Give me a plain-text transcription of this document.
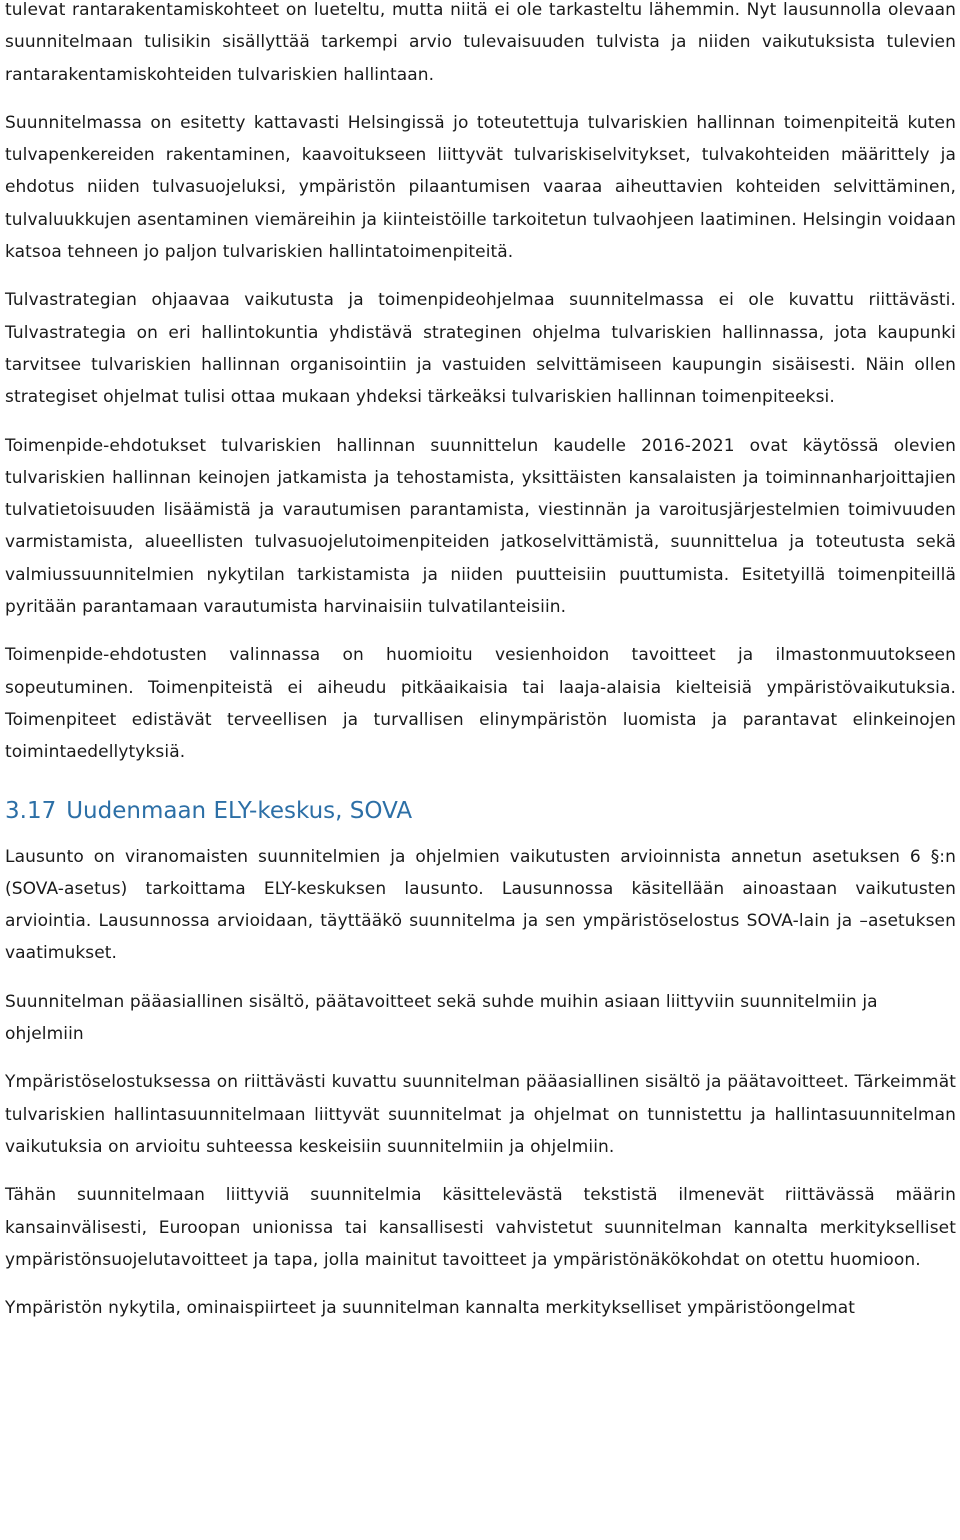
tulevat rantarakentamiskohteet on lueteltu, mutta niitä ei ole tarkasteltu lähemmin. Nyt lausunnolla olevaan suunnitelmaan tulisikin sisällyttää tarkempi arvio tulevaisuuden tulvista ja niiden vaikutuksista tulevien rantarakentamiskohteiden tulvariskien hallintaan.

Suunnitelmassa on esitetty kattavasti Helsingissä jo toteutettuja tulvariskien hallinnan toimenpiteitä kuten tulvapenkereiden rakentaminen, kaavoitukseen liittyvät tulvariskiselvitykset, tulvakohteiden määrittely ja ehdotus niiden tulvasuojeluksi, ympäristön pilaantumisen vaaraa aiheuttavien kohteiden selvittäminen, tulvaluukkujen asentaminen viemäreihin ja kiinteistöille tarkoitetun tulvaohjeen laatiminen. Helsingin voidaan katsoa tehneen jo paljon tulvariskien hallintatoimenpiteitä.

Tulvastrategian ohjaavaa vaikutusta ja toimenpideohjelmaa suunnitelmassa ei ole kuvattu riittävästi. Tulvastrategia on eri hallintokuntia yhdistävä strateginen ohjelma tulvariskien hallinnassa, jota kaupunki tarvitsee tulvariskien hallinnan organisointiin ja vastuiden selvittämiseen kaupungin sisäisesti. Näin ollen strategiset ohjelmat tulisi ottaa mukaan yhdeksi tärkeäksi tulvariskien hallinnan toimenpiteeksi.

Toimenpide-ehdotukset tulvariskien hallinnan suunnittelun kaudelle 2016-2021 ovat käytössä olevien tulvariskien hallinnan keinojen jatkamista ja tehostamista, yksittäisten kansalaisten ja toiminnanharjoittajien tulvatietoisuuden lisäämistä ja varautumisen parantamista, viestinnän ja varoitusjärjestelmien toimivuuden varmistamista, alueellisten tulvasuojelutoimenpiteiden jatkoselvittämistä, suunnittelua ja toteutusta sekä valmiussuunnitelmien nykytilan tarkistamista ja niiden puutteisiin puuttumista. Esitetyillä toimenpiteillä pyritään parantamaan varautumista harvinaisiin tulvatilanteisiin.

Toimenpide-ehdotusten valinnassa on huomioitu vesienhoidon tavoitteet ja ilmastonmuutokseen sopeutuminen. Toimenpiteistä ei aiheudu pitkäaikaisia tai laaja-alaisia kielteisiä ympäristövaikutuksia. Toimenpiteet edistävät terveellisen ja turvallisen elinympäristön luomista ja parantavat elinkeinojen toimintaedellytyksiä.

3.17 Uudenmaan ELY-keskus, SOVA

Lausunto on viranomaisten suunnitelmien ja ohjelmien vaikutusten arvioinnista annetun asetuksen 6 §:n (SOVA-asetus) tarkoittama ELY-keskuksen lausunto. Lausunnossa käsitellään ainoastaan vaikutusten arviointia. Lausunnossa arvioidaan, täyttääkö suunnitelma ja sen ympäristöselostus SOVA-lain ja –asetuksen vaatimukset.

Suunnitelman pääasiallinen sisältö, päätavoitteet sekä suhde muihin asiaan liittyviin suunnitelmiin ja ohjelmiin

Ympäristöselostuksessa on riittävästi kuvattu suunnitelman pääasiallinen sisältö ja päätavoitteet. Tärkeimmät tulvariskien hallintasuunnitelmaan liittyvät suunnitelmat ja ohjelmat on tunnistettu ja hallintasuunnitelman vaikutuksia on arvioitu suhteessa keskeisiin suunnitelmiin ja ohjelmiin.

Tähän suunnitelmaan liittyviä suunnitelmia käsittelevästä tekstistä ilmenevät riittävässä määrin kansainvälisesti, Euroopan unionissa tai kansallisesti vahvistetut suunnitelman kannalta merkitykselliset ympäristönsuojelutavoitteet ja tapa, jolla mainitut tavoitteet ja ympäristönäkökohdat on otettu huomioon.

Ympäristön nykytila, ominaispiirteet ja suunnitelman kannalta merkitykselliset ympäristöongelmat
